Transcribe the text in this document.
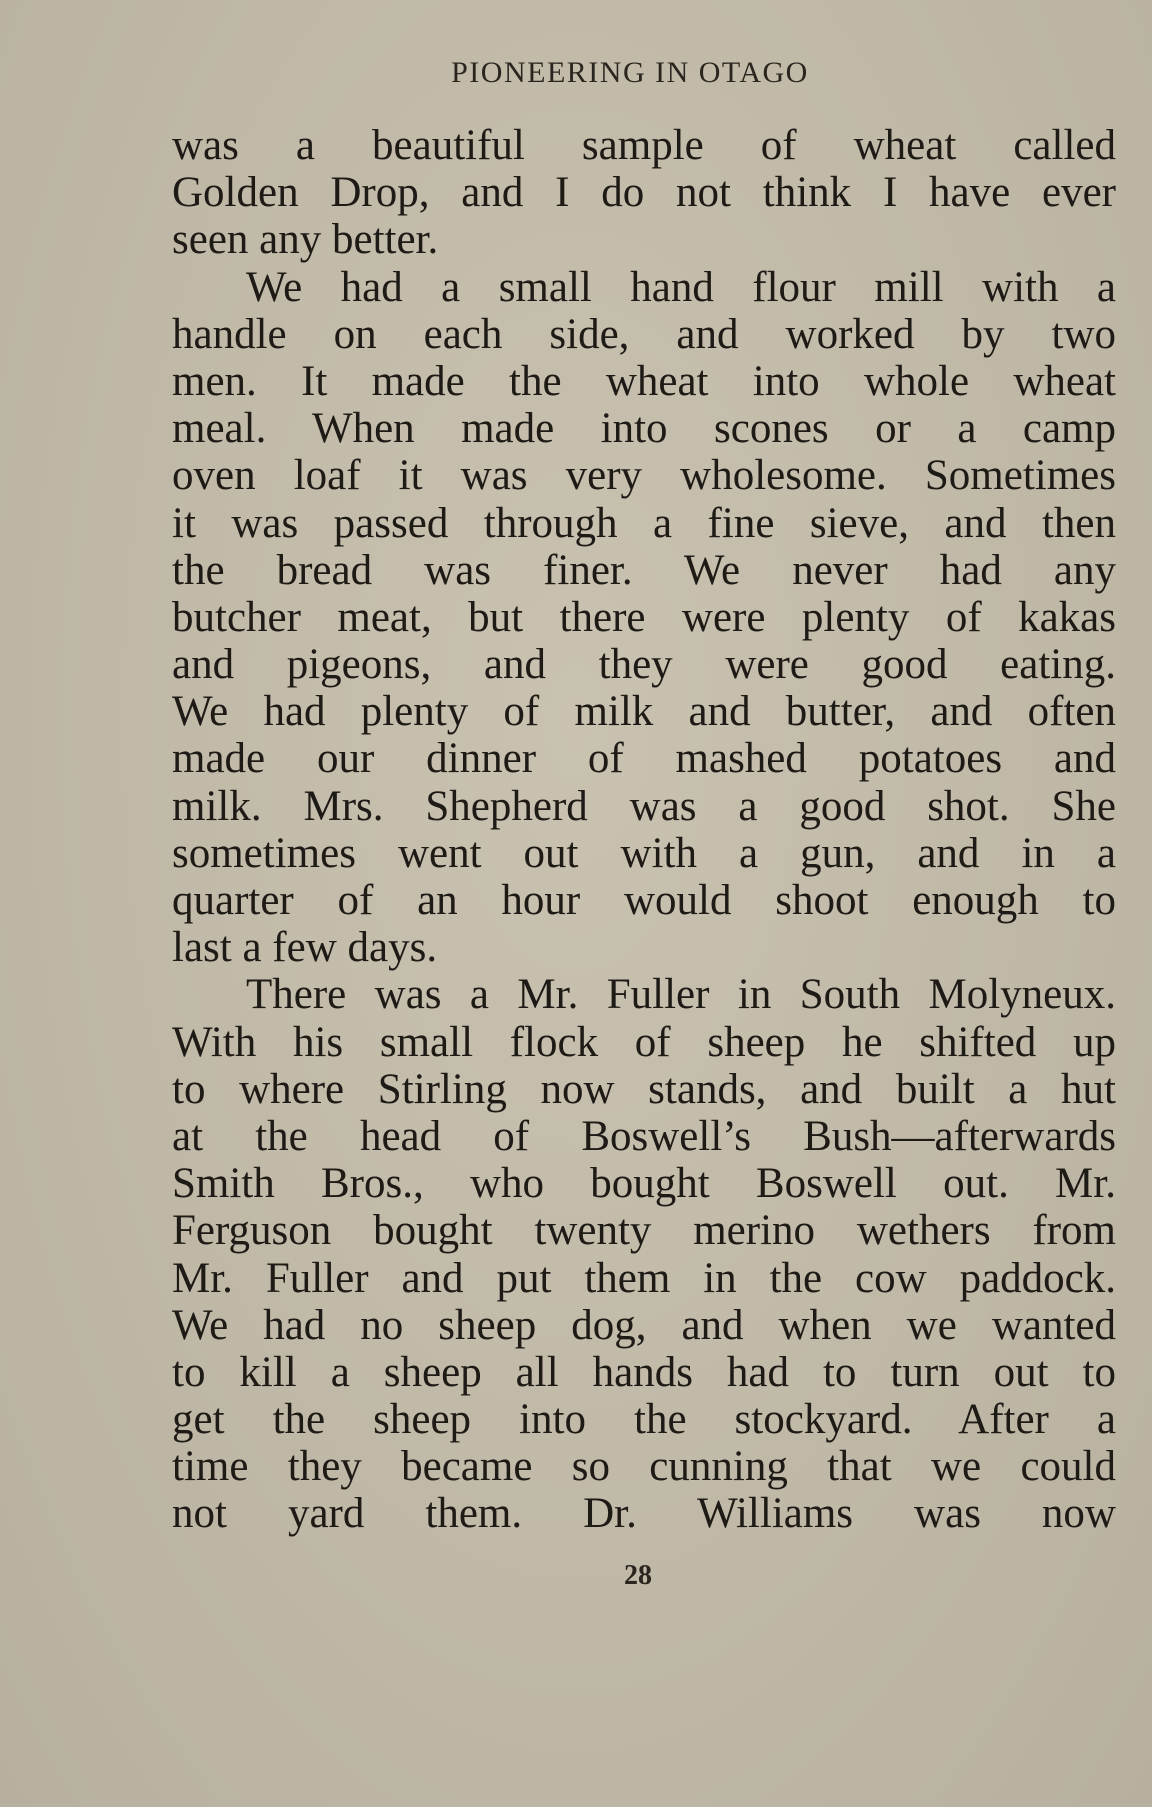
PIONEERING IN OTAGO
was a beautiful sample of wheat called
Golden Drop, and I do not think I have ever
seen any better.
We had a small hand flour mill with a
handle on each side, and worked by two
men. It made the wheat into whole wheat
meal. When made into scones or a camp
oven loaf it was very wholesome. Sometimes
it was passed through a fine sieve, and then
the bread was finer. We never had any
butcher meat, but there were plenty of kakas
and pigeons, and they were good eating.
We had plenty of milk and butter, and often
made our dinner of mashed potatoes and
milk. Mrs. Shepherd was a good shot. She
sometimes went out with a gun, and in a
quarter of an hour would shoot enough to
last a few days.
There was a Mr. Fuller in South Molyneux.
With his small flock of sheep he shifted up
to where Stirling now stands, and built a hut
at the head of Boswell’s Bush—afterwards
Smith Bros., who bought Boswell out. Mr.
Ferguson bought twenty merino wethers from
Mr. Fuller and put them in the cow paddock.
We had no sheep dog, and when we wanted
to kill a sheep all hands had to turn out to
get the sheep into the stockyard. After a
time they became so cunning that we could
not yard them. Dr. Williams was now
28
